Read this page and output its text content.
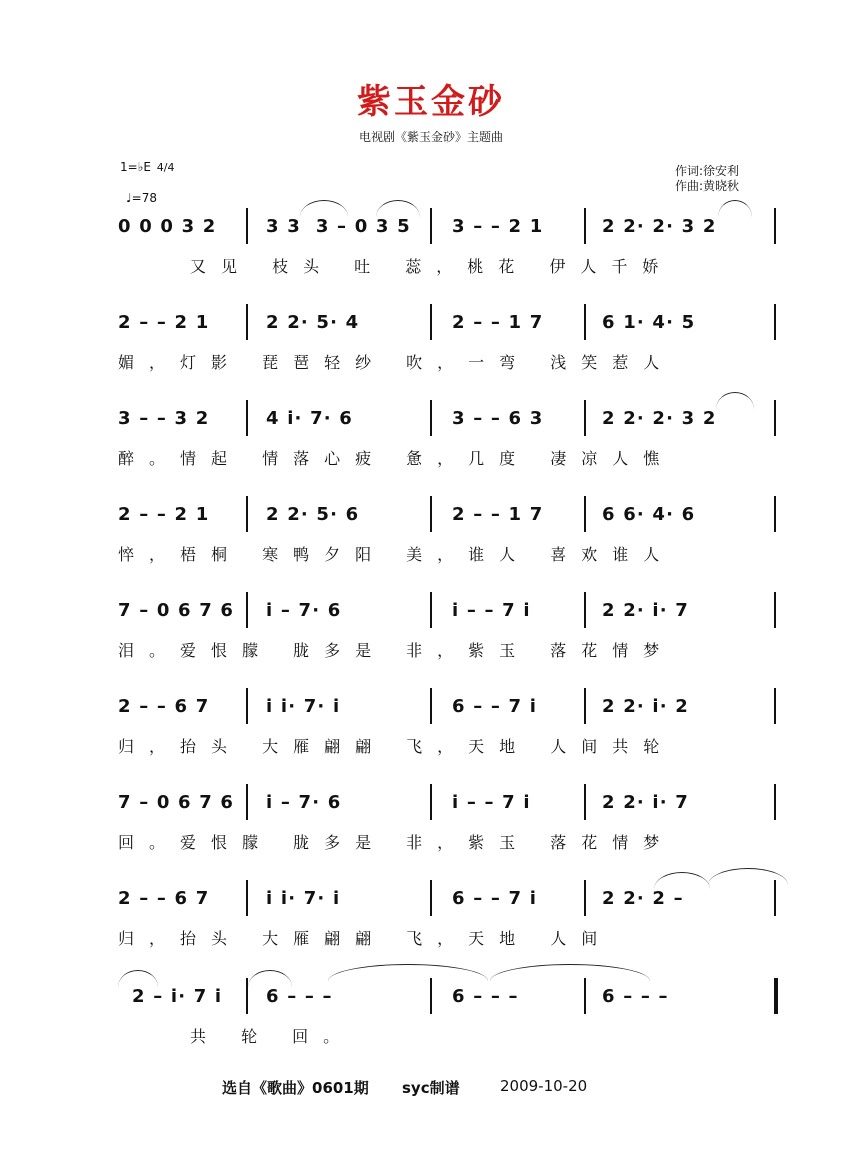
紫玉金砂
电视剧《紫玉金砂》主题曲
1=♭E 4/4
♩=78
作词:徐安利
作曲:黄晓秋
0 0 0 3 2	3 3  3 – 0 3 5 3 – – 2 1	2 2· 2· 3 2
又见 枝头 吐 蕊，桃花 伊人千娇
2 – – 2 1	2 2· 5· 4	2 – – 1 7	6 1· 4· 5
媚，灯影 琵琶轻纱 吹，一弯 浅笑惹人
3 – – 3 2	4 i· 7· 6	3 – – 6 3	2 2· 2· 3 2
醉。情起 情落心疲 惫，几度 凄凉人憔
2 – – 2 1	2 2· 5· 6	2 – – 1 7	6 6· 4· 6
悴，梧桐 寒鸭夕阳 美，谁人 喜欢谁人
7 – 0 6 7 6 i – 7· 6	i – – 7 i	2 2· i· 7
泪。爱恨朦 胧多是 非，紫玉 落花情梦
2 – – 6 7	i i· 7· i	6 – – 7 i	2 2· i· 2
归，抬头 大雁翩翩 飞，天地 人间共轮
7 – 0 6 7 6 i – 7· 6	i – – 7 i	2 2· i· 7
回。爱恨朦 胧多是 非，紫玉 落花情梦
2 – – 6 7	i i· 7· i	6 – – 7 i	2 2· 2 –
归，抬头 大雁翩翩 飞，天地 人间
2 – i· 7 i 6 – – –	6 – – –	6 – – –
共 轮 回。
选自《歌曲》0601期 syc制谱	2009-10-20
